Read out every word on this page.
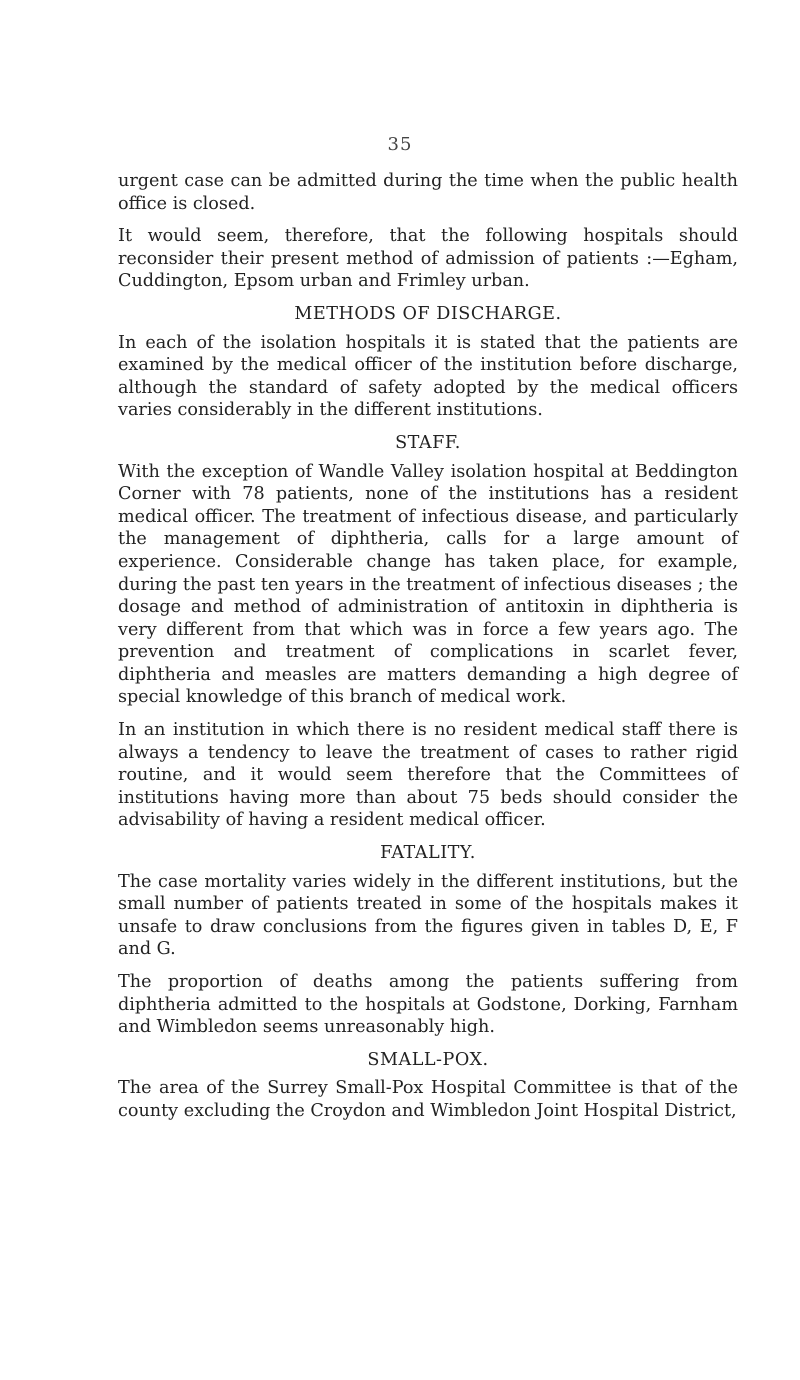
35

urgent case can be admitted during the time when the public health office is closed.

It would seem, therefore, that the following hospitals should reconsider their present method of admission of patients :—Egham, Cuddington, Epsom urban and Frimley urban.

METHODS OF DISCHARGE.

In each of the isolation hospitals it is stated that the patients are examined by the medical officer of the institution before discharge, although the standard of safety adopted by the medical officers varies considerably in the different institutions.

STAFF.

With the exception of Wandle Valley isolation hospital at Beddington Corner with 78 patients, none of the institutions has a resident medical officer. The treatment of infectious disease, and particularly the management of diphtheria, calls for a large amount of experience. Considerable change has taken place, for example, during the past ten years in the treatment of infectious diseases ; the dosage and method of administration of antitoxin in diphtheria is very different from that which was in force a few years ago. The prevention and treatment of complications in scarlet fever, diphtheria and measles are matters demanding a high degree of special knowledge of this branch of medical work.

In an institution in which there is no resident medical staff there is always a tendency to leave the treatment of cases to rather rigid routine, and it would seem therefore that the Committees of institutions having more than about 75 beds should consider the advisability of having a resident medical officer.

FATALITY.

The case mortality varies widely in the different institutions, but the small number of patients treated in some of the hospitals makes it unsafe to draw conclusions from the figures given in tables D, E, F and G.

The proportion of deaths among the patients suffering from diphtheria admitted to the hospitals at Godstone, Dorking, Farnham and Wimbledon seems unreasonably high.

SMALL-POX.

The area of the Surrey Small-Pox Hospital Committee is that of the county excluding the Croydon and Wimbledon Joint Hospital District,
